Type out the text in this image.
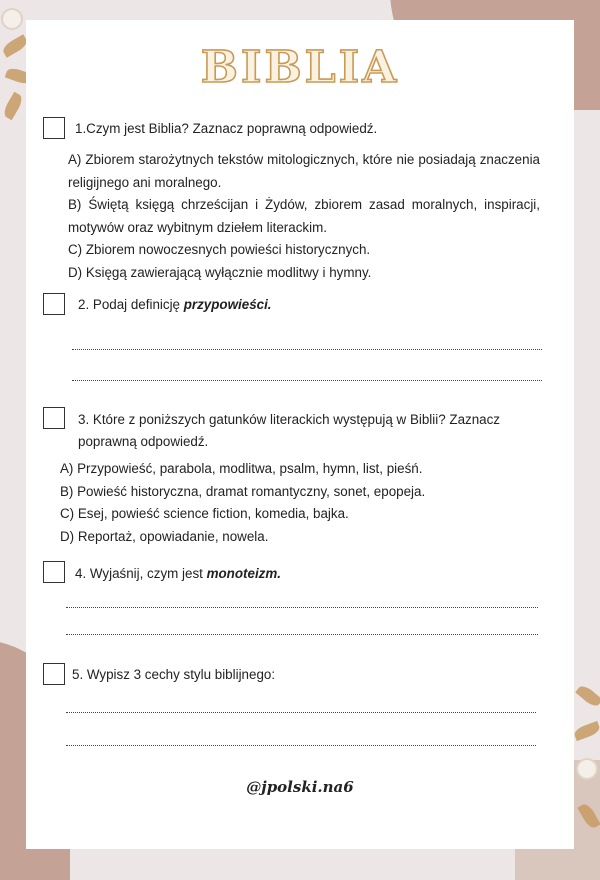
BIBLIA
1.Czym jest Biblia? Zaznacz poprawną odpowiedź.
A) Zbiorem starożytnych tekstów mitologicznych, które nie posiadają znaczenia religijnego ani moralnego.
B) Świętą księgą chrześcijan i Żydów, zbiorem zasad moralnych, inspiracji, motywów oraz wybitnym dziełem literackim.
C) Zbiorem nowoczesnych powieści historycznych.
D) Księgą zawierającą wyłącznie modlitwy i hymny.
2. Podaj definicję przypowieści.
3. Które z poniższych gatunków literackich występują w Biblii? Zaznacz poprawną odpowiedź.
A) Przypowieść, parabola, modlitwa, psalm, hymn, list, pieśń.
B) Powieść historyczna, dramat romantyczny, sonet, epopeja.
C) Esej, powieść science fiction, komedia, bajka.
D) Reportaż, opowiadanie, nowela.
4. Wyjaśnij, czym jest monoteizm.
5. Wypisz 3 cechy stylu biblijnego:
@jpolski.na6
